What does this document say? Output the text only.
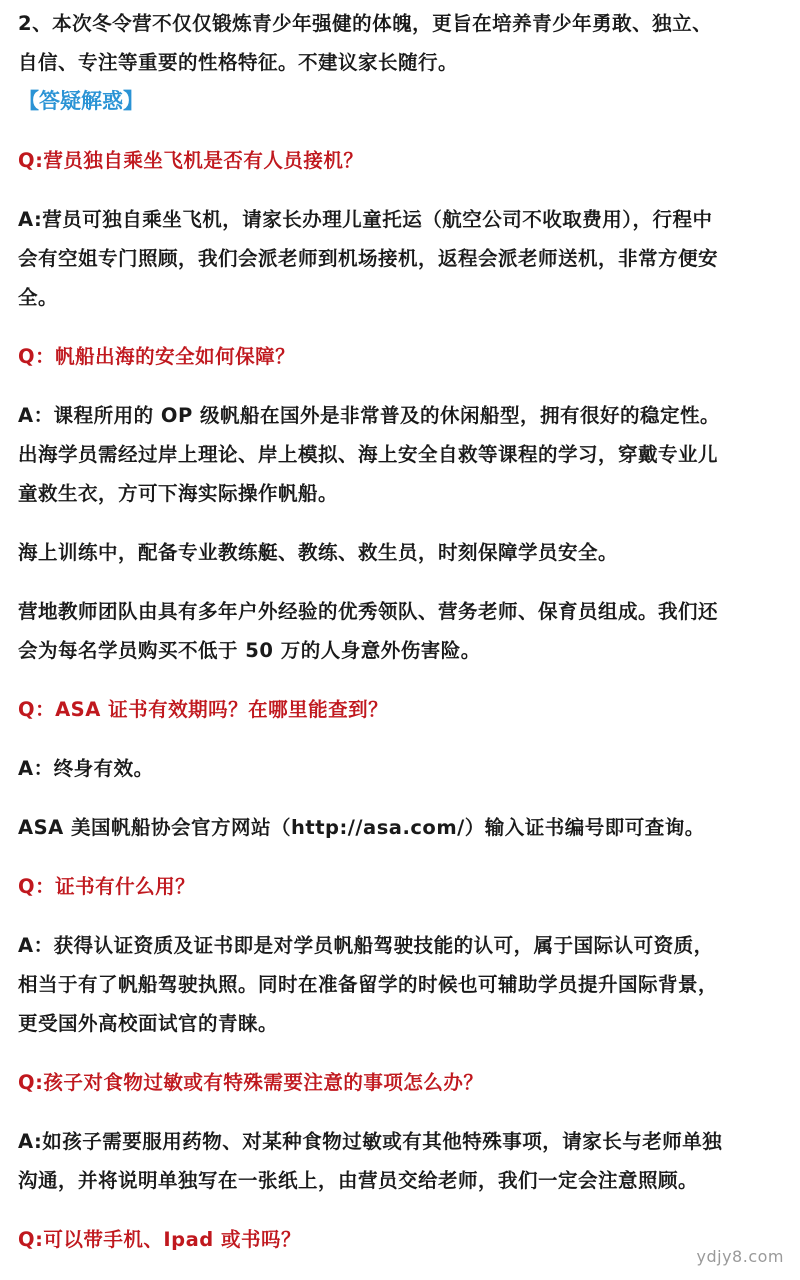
2、本次冬令营不仅仅锻炼青少年强健的体魄，更旨在培养青少年勇敢、独立、

自信、专注等重要的性格特征。不建议家长随行。

【答疑解惑】

Q:营员独自乘坐飞机是否有人员接机？

A:营员可独自乘坐飞机，请家长办理儿童托运（航空公司不收取费用），行程中

会有空姐专门照顾，我们会派老师到机场接机，返程会派老师送机，非常方便安

全。

Q：帆船出海的安全如何保障？

A：课程所用的 OP 级帆船在国外是非常普及的休闲船型，拥有很好的稳定性。

出海学员需经过岸上理论、岸上模拟、海上安全自救等课程的学习，穿戴专业儿

童救生衣，方可下海实际操作帆船。

海上训练中，配备专业教练艇、教练、救生员，时刻保障学员安全。

营地教师团队由具有多年户外经验的优秀领队、营务老师、保育员组成。我们还

会为每名学员购买不低于 50 万的人身意外伤害险。

Q：ASA 证书有效期吗？在哪里能查到？

A：终身有效。

ASA 美国帆船协会官方网站（http://asa.com/）输入证书编号即可查询。

Q：证书有什么用？

A：获得认证资质及证书即是对学员帆船驾驶技能的认可，属于国际认可资质，

相当于有了帆船驾驶执照。同时在准备留学的时候也可辅助学员提升国际背景，

更受国外高校面试官的青睐。

Q:孩子对食物过敏或有特殊需要注意的事项怎么办？

A:如孩子需要服用药物、对某种食物过敏或有其他特殊事项，请家长与老师单独

沟通，并将说明单独写在一张纸上，由营员交给老师，我们一定会注意照顾。

Q:可以带手机、Ipad 或书吗？

ydjy8.com
